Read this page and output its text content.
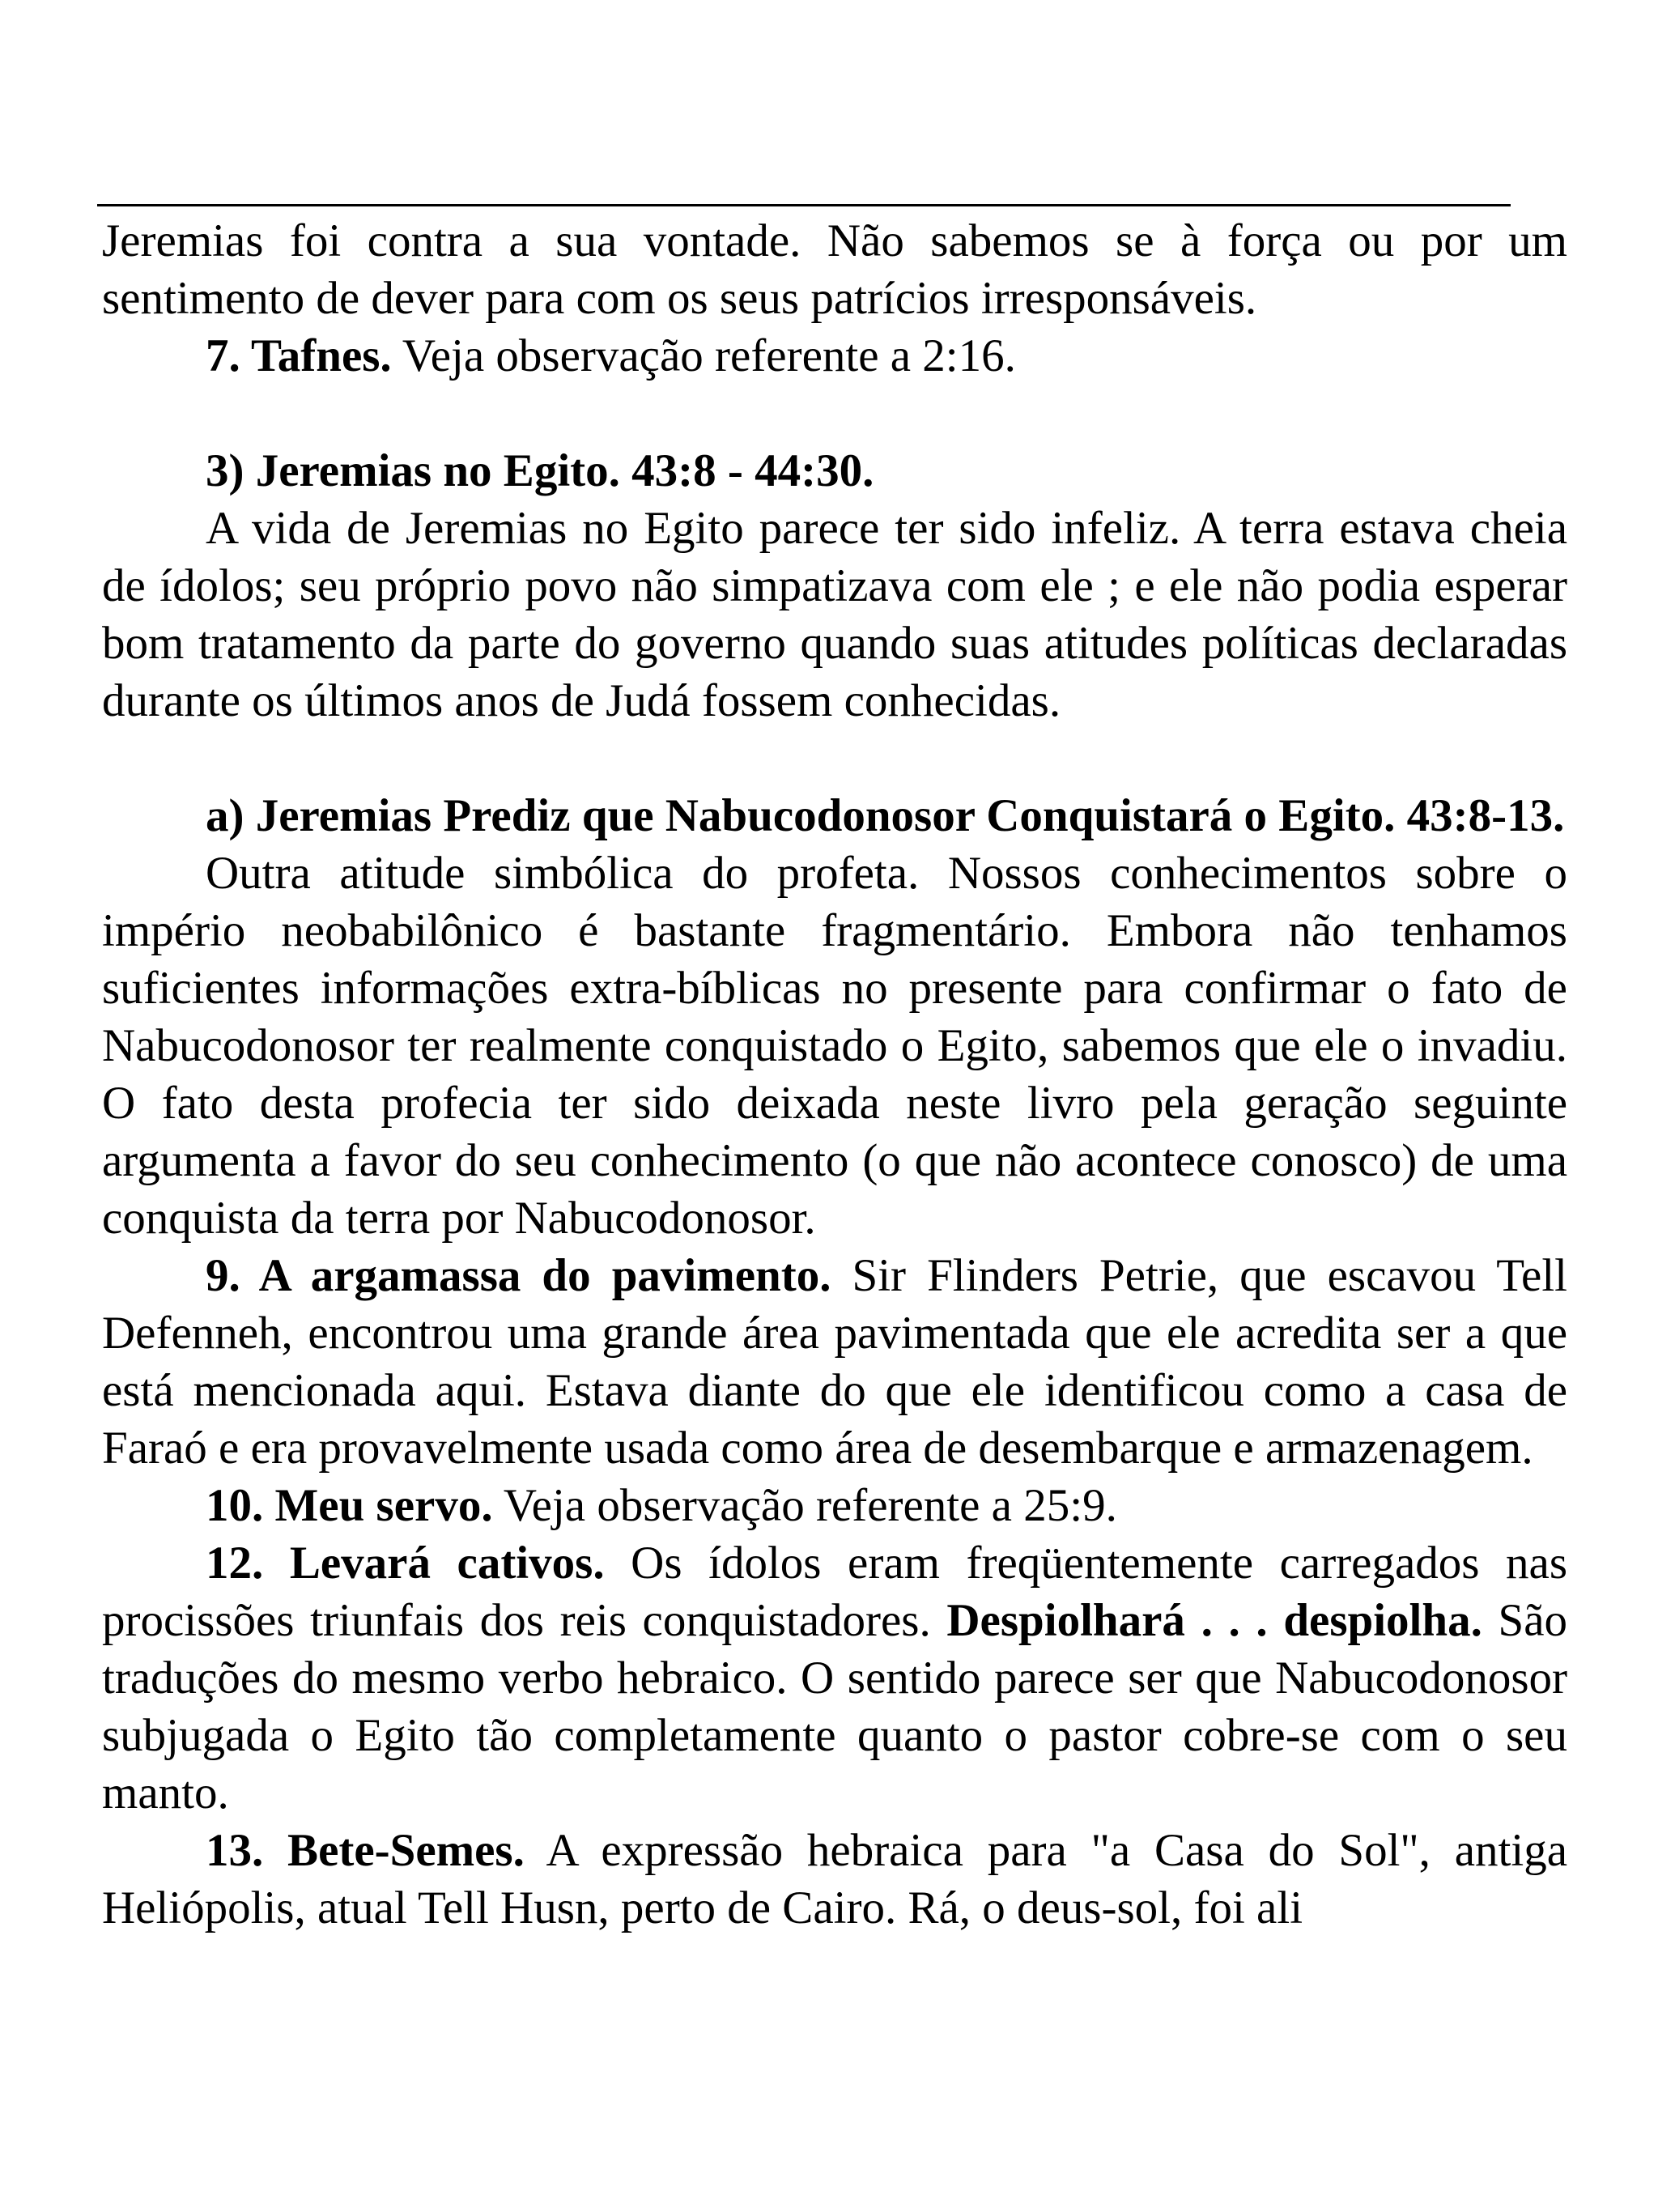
Jeremias foi contra a sua vontade. Não sabemos se à força ou por um sentimento de dever para com os seus patrícios irresponsáveis.

7. Tafnes. Veja observação referente a 2:16.

3) Jeremias no Egito. 43:8 - 44:30.

A vida de Jeremias no Egito parece ter sido infeliz. A terra estava cheia de ídolos; seu próprio povo não simpatizava com ele ; e ele não podia esperar bom tratamento da parte do governo quando suas atitudes políticas declaradas durante os últimos anos de Judá fossem conhecidas.

a) Jeremias Prediz que Nabucodonosor Conquistará o Egito. 43:8-13.

Outra atitude simbólica do profeta. Nossos conhecimentos sobre o império neobabilônico é bastante fragmentário. Embora não tenhamos suficientes informações extra-bíblicas no presente para confirmar o fato de Nabucodonosor ter realmente conquistado o Egito, sabemos que ele o invadiu. O fato desta profecia ter sido deixada neste livro pela geração seguinte argumenta a favor do seu conhecimento (o que não acontece conosco) de uma conquista da terra por Nabucodonosor.

9. A argamassa do pavimento. Sir Flinders Petrie, que escavou Tell Defenneh, encontrou uma grande área pavimentada que ele acredita ser a que está mencionada aqui. Estava diante do que ele identificou como a casa de Faraó e era provavelmente usada como área de desembarque e armazenagem.

10. Meu servo. Veja observação referente a 25:9.

12. Levará cativos. Os ídolos eram freqüentemente carregados nas procissões triunfais dos reis conquistadores. Despiolhará . . . despiolha. São traduções do mesmo verbo hebraico. O sentido parece ser que Nabucodonosor subjugada o Egito tão completamente quanto o pastor cobre-se com o seu manto.

13. Bete-Semes. A expressão hebraica para "a Casa do Sol", antiga Heliópolis, atual Tell Husn, perto de Cairo. Rá, o deus-sol, foi ali
